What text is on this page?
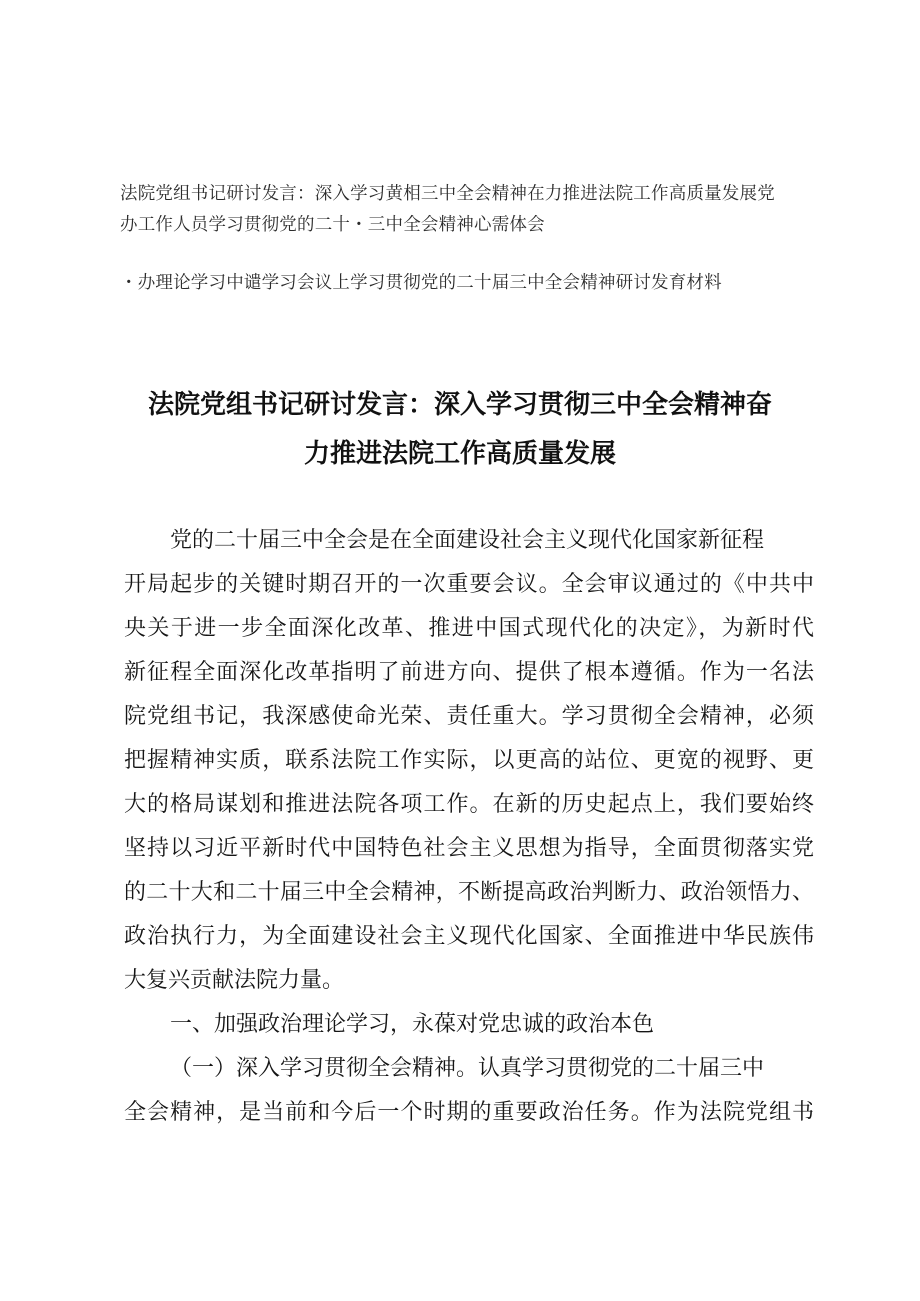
法院党组书记研讨发言：深入学习黄相三中全会精神在力推进法院工作高质量发展党
办工作人员学习贯彻党的二十・三中全会精神心需体会
・办理论学习中谴学习会议上学习贯彻党的二十届三中全会精神研讨发育材料
法院党组书记研讨发言：深入学习贯彻三中全会精神奋
力推进法院工作高质量发展
党的二十届三中全会是在全面建设社会主义现代化国家新征程
开局起步的关键时期召开的一次重要会议。全会审议通过的《中共中
央关于进一步全面深化改革、推进中国式现代化的决定》，为新时代
新征程全面深化改革指明了前进方向、提供了根本遵循。作为一名法
院党组书记，我深感使命光荣、责任重大。学习贯彻全会精神，必须
把握精神实质，联系法院工作实际，以更高的站位、更宽的视野、更
大的格局谋划和推进法院各项工作。在新的历史起点上，我们要始终
坚持以习近平新时代中国特色社会主义思想为指导，全面贯彻落实党
的二十大和二十届三中全会精神，不断提高政治判断力、政治领悟力、
政治执行力，为全面建设社会主义现代化国家、全面推进中华民族伟
大复兴贡献法院力量。
一、加强政治理论学习，永葆对党忠诚的政治本色
（一）深入学习贯彻全会精神。认真学习贯彻党的二十届三中
全会精神，是当前和今后一个时期的重要政治任务。作为法院党组书
